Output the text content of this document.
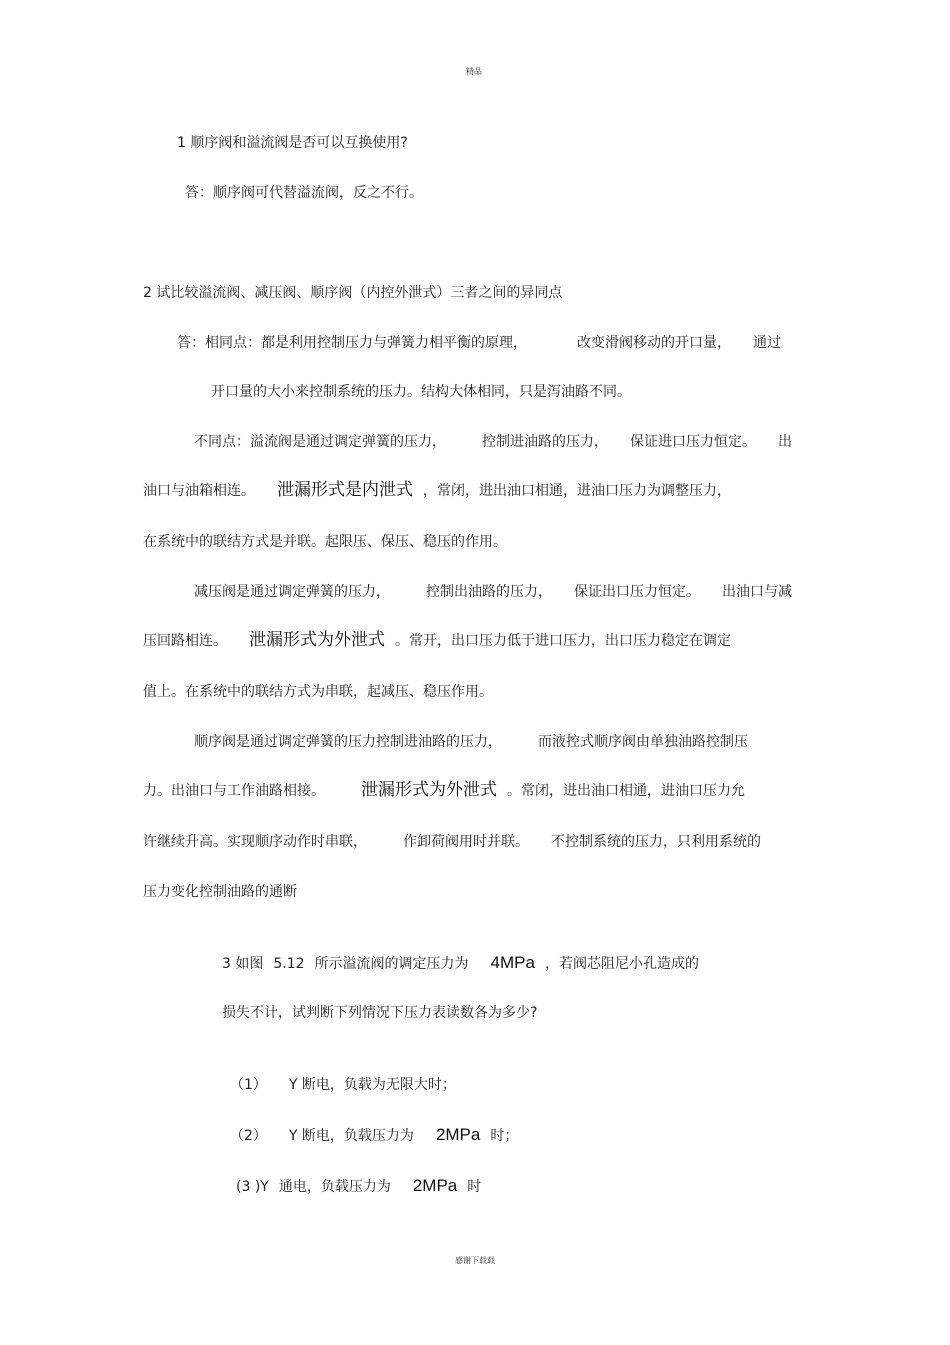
精品
1 顺序阀和溢流阀是否可以互换使用?
答：顺序阀可代替溢流阀，反之不行。
2 试比较溢流阀、减压阀、顺序阀（内控外泄式）三者之间的异同点
答：相同点：都是利用控制压力与弹簧力相平衡的原理，	改变滑阀移动的开口量， 通过
开口量的大小来控制系统的压力。结构大体相同，只是泻油路不同。
不同点：溢流阀是通过调定弹簧的压力，	控制进油路的压力， 保证进口压力恒定。 出
油口与油箱相连。 泄漏形式是内泄式 ，常闭，进出油口相通，进油口压力为调整压力，
在系统中的联结方式是并联。起限压、保压、稳压的作用。
减压阀是通过调定弹簧的压力，	控制出油路的压力， 保证出口压力恒定。 出油口与减
压回路相连。 泄漏形式为外泄式 。常开，出口压力低于进口压力，出口压力稳定在调定
值上。在系统中的联结方式为串联，起减压、稳压作用。
顺序阀是通过调定弹簧的压力控制进油路的压力，	而液控式顺序阀由单独油路控制压
力。出油口与工作油路相接。 泄漏形式为外泄式 。常闭，进出油口相通，进油口压力允
许继续升高。实现顺序动作时串联，	作卸荷阀用时并联。 不控制系统的压力，只利用系统的
压力变化控制油路的通断
3 如图 5.12 所示溢流阀的调定压力为 4MPa ，若阀芯阻尼小孔造成的
损失不计，试判断下列情况下压力表读数各为多少?
（1） Y 断电，负载为无限大时；
（2） Y 断电，负载压力为 2MPa 时；
(3 )Y 通电，负载压力为 2MPa 时
感谢下载载
